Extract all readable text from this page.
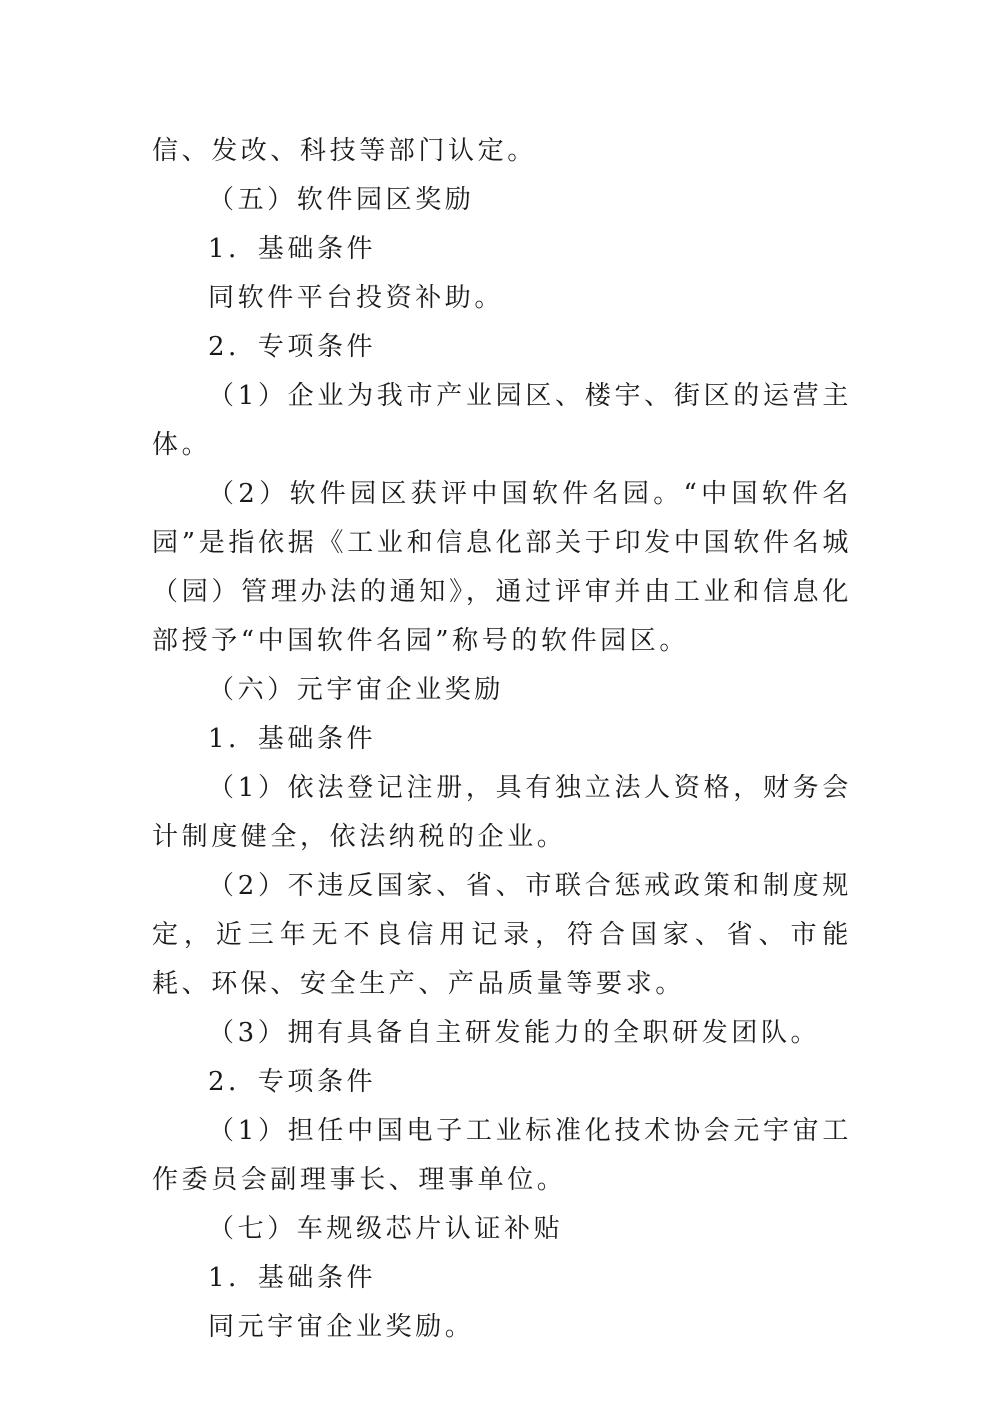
信、发改、科技等部门认定。

（五）软件园区奖励

1．基础条件

同软件平台投资补助。

2．专项条件

（1）企业为我市产业园区、楼宇、街区的运营主体。

（2）软件园区获评中国软件名园。“中国软件名园”是指依据《工业和信息化部关于印发中国软件名城（园）管理办法的通知》，通过评审并由工业和信息化部授予“中国软件名园”称号的软件园区。

（六）元宇宙企业奖励

1．基础条件

（1）依法登记注册，具有独立法人资格，财务会计制度健全，依法纳税的企业。

（2）不违反国家、省、市联合惩戒政策和制度规定，近三年无不良信用记录，符合国家、省、市能耗、环保、安全生产、产品质量等要求。

（3）拥有具备自主研发能力的全职研发团队。

2．专项条件

（1）担任中国电子工业标准化技术协会元宇宙工作委员会副理事长、理事单位。

（七）车规级芯片认证补贴

1．基础条件

同元宇宙企业奖励。
